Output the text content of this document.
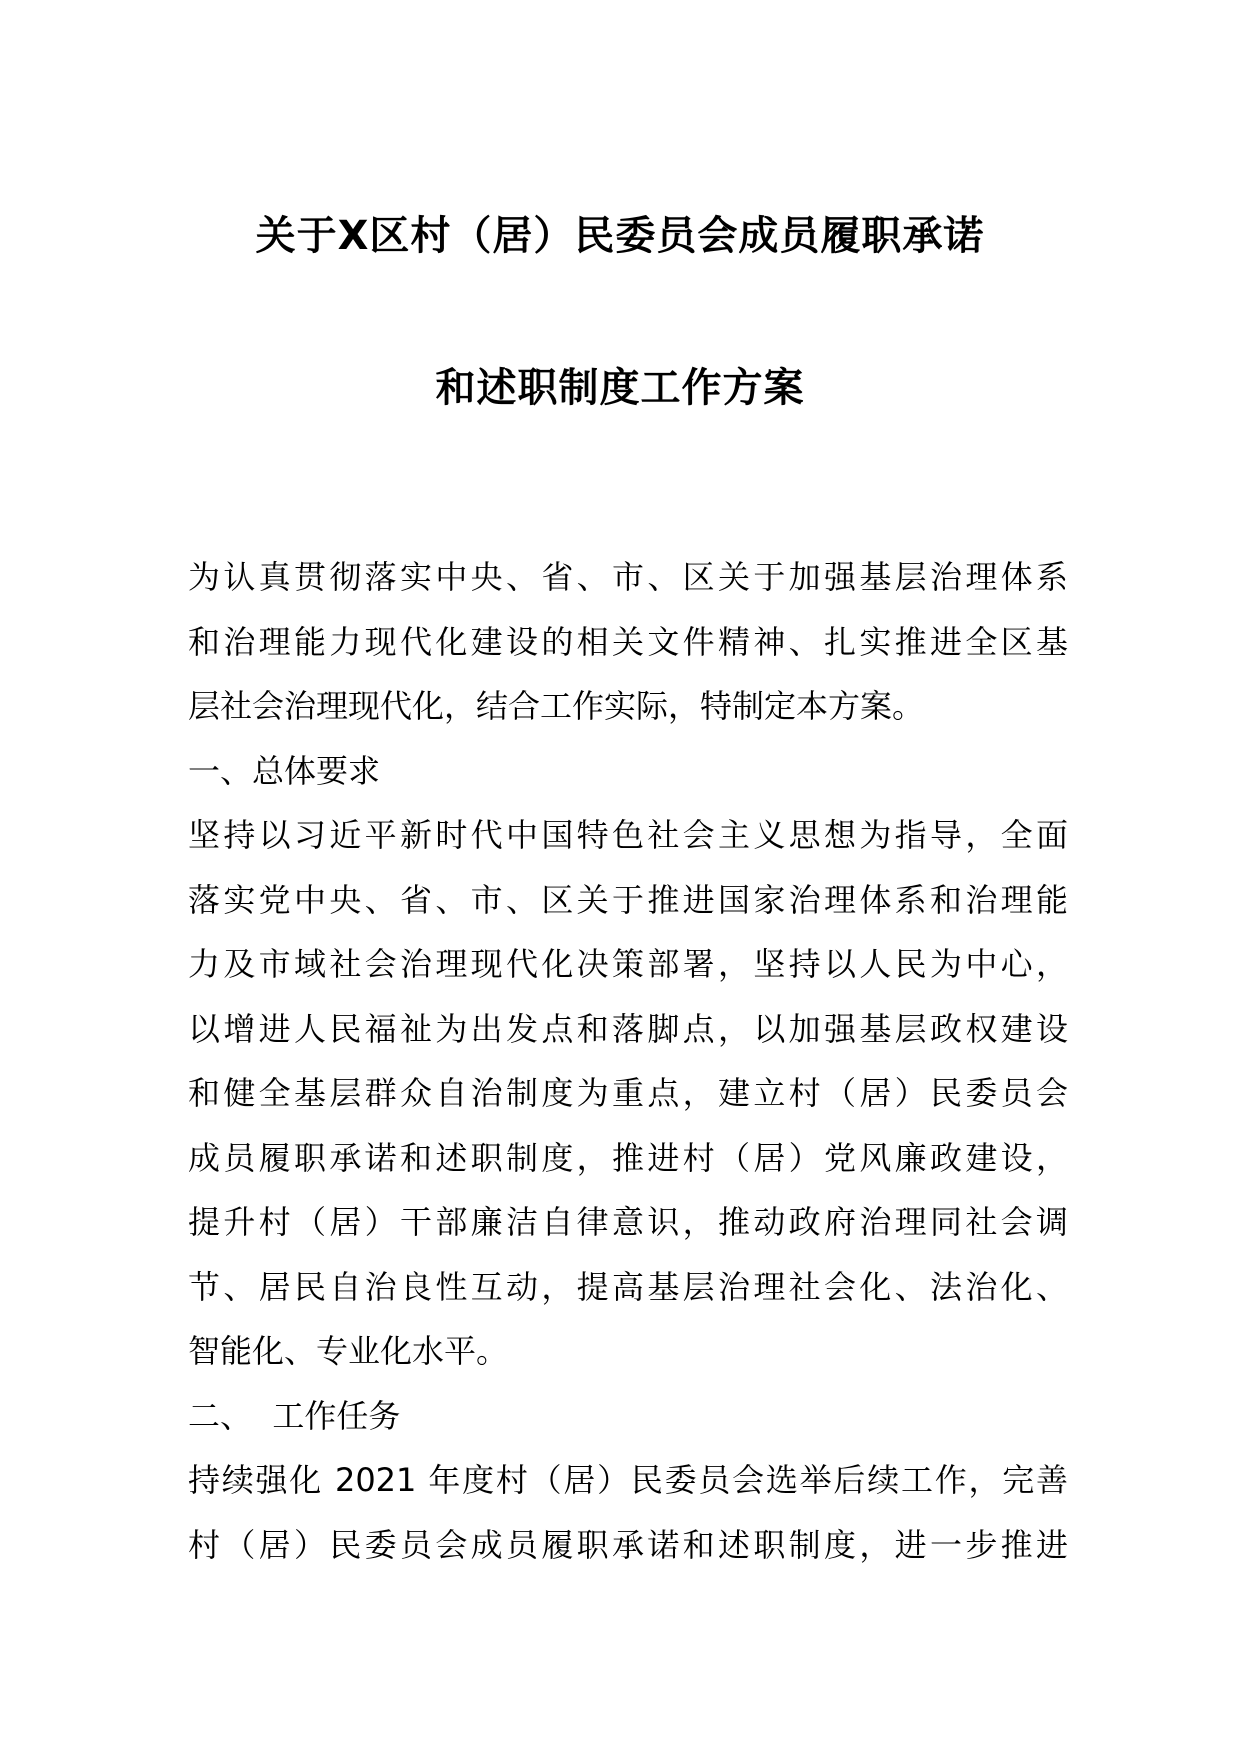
关于X区村（居）民委员会成员履职承诺
和述职制度工作方案
为认真贯彻落实中央、省、市、区关于加强基层治理体系
和治理能力现代化建设的相关文件精神、扎实推进全区基
层社会治理现代化，结合工作实际，特制定本方案。
一、总体要求
坚持以习近平新时代中国特色社会主义思想为指导，全面
落实党中央、省、市、区关于推进国家治理体系和治理能
力及市域社会治理现代化决策部署，坚持以人民为中心，
以增进人民福祉为出发点和落脚点，以加强基层政权建设
和健全基层群众自治制度为重点，建立村（居）民委员会
成员履职承诺和述职制度，推进村（居）党风廉政建设，
提升村（居）干部廉洁自律意识，推动政府治理同社会调
节、居民自治良性互动，提高基层治理社会化、法治化、
智能化、专业化水平。
二、  工作任务
持续强化 2021 年度村（居）民委员会选举后续工作，完善
村（居）民委员会成员履职承诺和述职制度，进一步推进
